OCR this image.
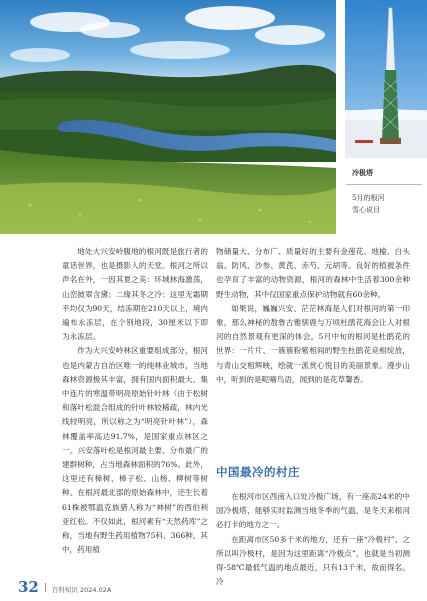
冷极塔
5月的根河
雪心说目

地处大兴安岭腹地的根河既是旅行者的童话世界，也是摄影人的天堂。根河之所以声名在外，一因其夏之美：环城林海激荡，山峦披翠含黛；二缘其冬之冷：这里无霜期平均仅为90天，结冻期在210天以上，境内遍布永冻层，在个别地段，30厘米以下即为永冻层。

作为大兴安岭林区重要组成部分，根河也是内蒙古自治区唯一的纯林业城市，当地森林资源极其丰富，拥有国内面积最大、集中连片的寒温带明亮原始针叶林（由于松树和落叶松混合组成的针叶林较稀疏，林内光线较明亮，所以称之为“明亮针叶林”），森林覆盖率高达91.7%，是国家重点林区之一。兴安落叶松是根河最主要、分布最广的建群树种，占当地森林面积的76%。此外，这里还有樟树、樟子松、山杨、柳树等树种。在根河最北部的原始森林中，还生长着61株被鄂温克族猎人称为“神树”的西伯利亚红松。不仅如此，根河素有“天然药库”之称，当地有野生药用植物75科、366种，其中，药用植

物储量大、分布广、质量好的主要有金莲花、地榆、白头翁、防风、沙参、黄芪、赤芍、元胡等。良好的植被条件也孕育了丰富的动物资源，根河的森林中生活着300余种野生动物，其中仅国家重点保护动物就有60余种。

如果说，巍巍兴安、茫茫林海是人们对根河的第一印象，那么神秘的敖鲁古雅驯鹿与万顷杜鹃花海会让人对根河的自然景观有更深的体会。5月中旬的根河是杜鹃花的世界：一片片、一簇簇粉紫相间的野生杜鹃花竞相绽放，与青山交相辉映，绘就一派赏心悦目的美丽景象。漫步山中，听到的是呢喃鸟语，闻到的是花草馨香。

中国最冷的村庄

在根河市区西南入口处冷极广场，有一座高24米的中国冷极塔，能够实时监测当地冬季的气温，是冬天来根河必打卡的地方之一。

在距离市区50多千米的地方，还有一座“冷极村”。之所以叫冷极村，是因为这里距离“冷极点”，也就是当初测得-58℃最低气温的地点最近，只有13千米，故而得名。冷

32 百科知识 2024.02A
